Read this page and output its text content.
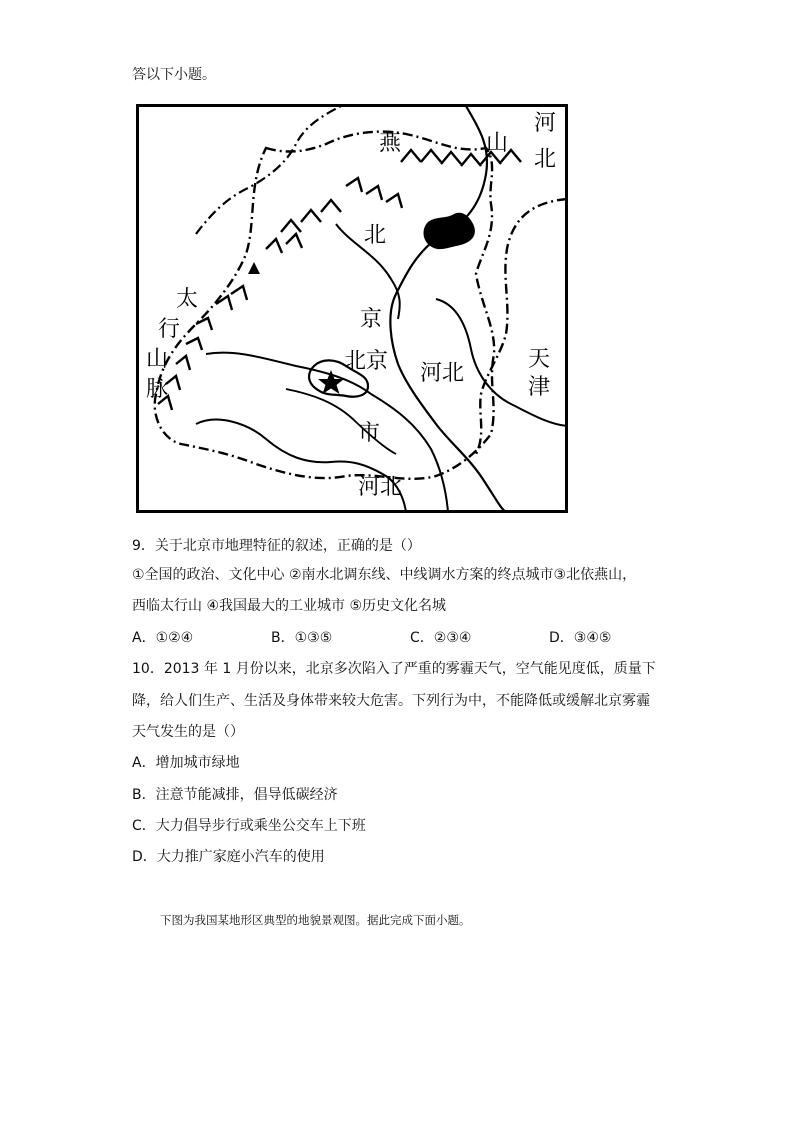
答以下小题。
燕	山
北
河
北
太
行
山
脉
京
北京 河北
天
津
市
河北
9．关于北京市地理特征的叙述，正确的是（）
①全国的政治、文化中心 ②南水北调东线、中线调水方案的终点城市③北依燕山，
西临太行山 ④我国最大的工业城市 ⑤历史文化名城
A．①②④	B．①③⑤	C．②③④	D．③④⑤
10．2013 年 1 月份以来，北京多次陷入了严重的雾霾天气，空气能见度低，质量下
降，给人们生产、生活及身体带来较大危害。下列行为中，不能降低或缓解北京雾霾
天气发生的是（）
A．增加城市绿地
B．注意节能减排，倡导低碳经济
C．大力倡导步行或乘坐公交车上下班
D．大力推广家庭小汽车的使用
下图为我国某地形区典型的地貌景观图。据此完成下面小题。
